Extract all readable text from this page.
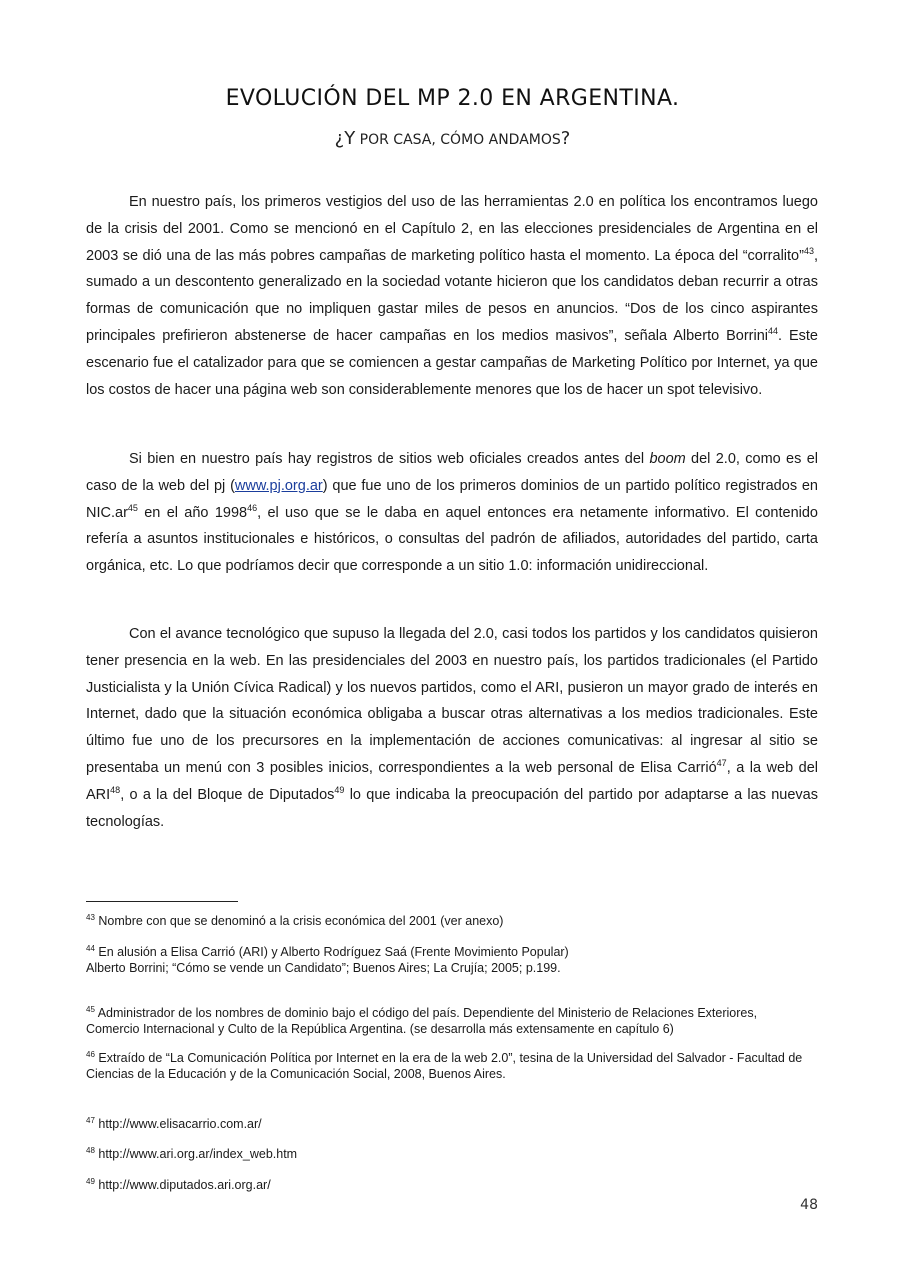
EVOLUCIÓN DEL MP 2.0 EN ARGENTINA.
¿Y POR CASA, CÓMO ANDAMOS?

En nuestro país, los primeros vestigios del uso de las herramientas 2.0 en política los encontramos luego de la crisis del 2001. Como se mencionó en el Capítulo 2, en las elecciones presidenciales de Argentina en el 2003 se dió una de las más pobres campañas de marketing político hasta el momento. La época del “corralito”$^{43}$, sumado a un descontento generalizado en la sociedad votante hicieron que los candidatos deban recurrir a otras formas de comunicación que no impliquen gastar miles de pesos en anuncios. “Dos de los cinco aspirantes principales prefirieron abstenerse de hacer campañas en los medios masivos”, señala Alberto Borrini$^{44}$. Este escenario fue el catalizador para que se comiencen a gestar campañas de Marketing Político por Internet, ya que los costos de hacer una página web son considerablemente menores que los de hacer un spot televisivo.

Si bien en nuestro país hay registros de sitios web oficiales creados antes del boom del 2.0, como es el caso de la web del pj (www.pj.org.ar) que fue uno de los primeros dominios de un partido político registrados en $NIC.ar^{45}$ en el año 1998$^{46}$, el uso que se le daba en aquel entonces era netamente informativo. El contenido refería a asuntos institucionales e históricos, o consultas del padrón de afiliados, autoridades del partido, carta orgánica, etc. Lo que podríamos decir que corresponde a un sitio 1.0: información unidireccional.

Con el avance tecnológico que supuso la llegada del 2.0, casi todos los partidos y los candidatos quisieron tener presencia en la web. En las presidenciales del 2003 en nuestro país, los partidos tradicionales (el Partido Justicialista y la Unión Cívica Radical) y los nuevos partidos, como el ARI, pusieron un mayor grado de interés en Internet, dado que la situación económica obligaba a buscar otras alternativas a los medios tradicionales. Este último fue uno de los precursores en la implementación de acciones comunicativas: al ingresar al sitio se presentaba un menú con 3 posibles inicios, correspondientes a la web personal de Elisa Carrió$^{47}$, a la web del ARI$^{48}$, o a la del Bloque de Diputados$^{49}$ lo que indicaba la preocupación del partido por adaptarse a las nuevas tecnologías.

$^{43}$ Nombre con que se denominó a la crisis económica del 2001 (ver anexo)

$^{44}$ En alusión a Elisa Carrió (ARI) y Alberto Rodríguez Saá (Frente Movimiento Popular)
Alberto Borrini; “Cómo se vende un Candidato”; Buenos Aires; La Crujía; 2005; p.199.

$^{45}$ Administrador de los nombres de dominio bajo el código del país. Dependiente del Ministerio de Relaciones Exteriores, Comercio Internacional y Culto de la República Argentina. (se desarrolla más extensamente en capítulo 6)

$^{46}$ Extraído de “La Comunicación Política por Internet en la era de la web 2.0”, tesina de la Universidad del Salvador - Facultad de Ciencias de la Educación y de la Comunicación Social, 2008, Buenos Aires.

$^{47}$ http://www.elisacarrio.com.ar/

$^{48}$ http://www.ari.org.ar/index_web.htm

$^{49}$ http://www.diputados.ari.org.ar/

48
